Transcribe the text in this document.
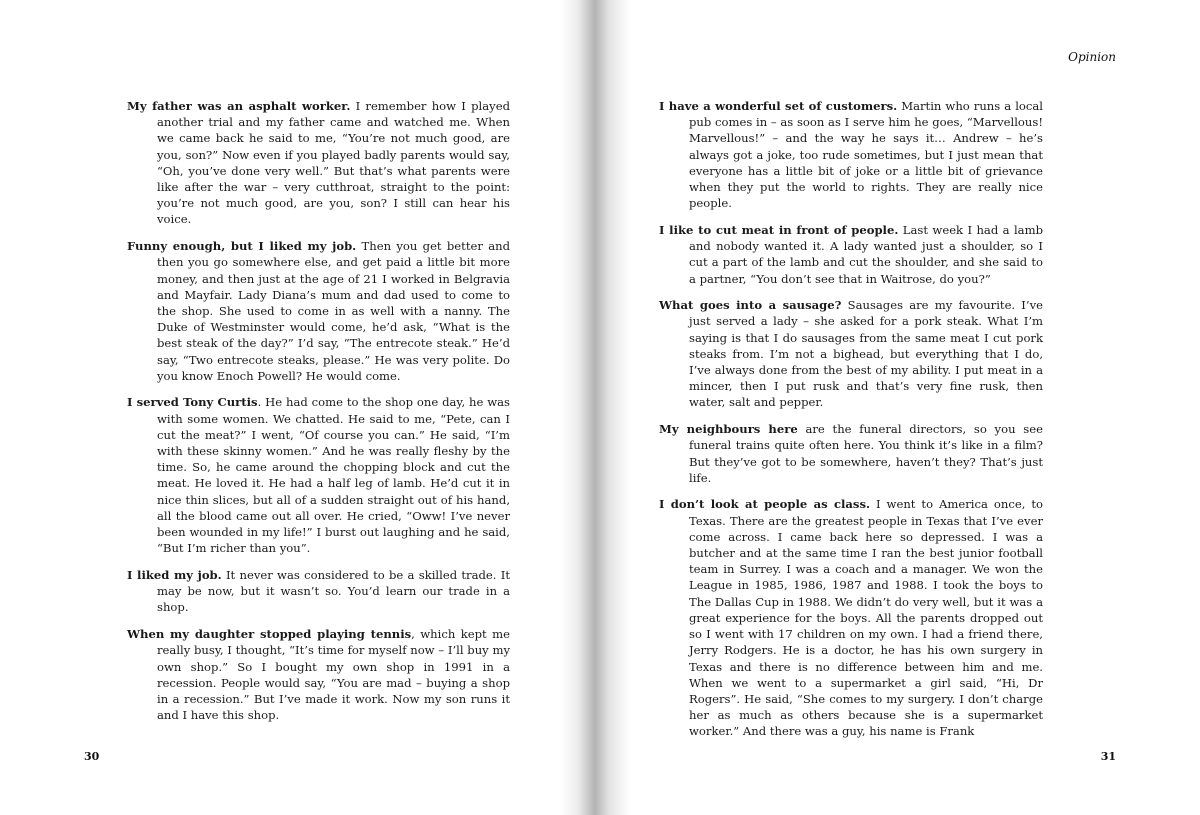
My father was an asphalt worker. I remember how I played another trial and my father came and watched me. When we came back he said to me, “You’re not much good, are you, son?” Now even if you played badly parents would say, “Oh, you’ve done very well.” But that’s what parents were like after the war – very cutthroat, straight to the point: you’re not much good, are you, son? I still can hear his voice.

Funny enough, but I liked my job. Then you get better and then you go somewhere else, and get paid a little bit more money, and then just at the age of 21 I worked in Belgravia and Mayfair. Lady Diana’s mum and dad used to come to the shop. She used to come in as well with a nanny. The Duke of Westminster would come, he’d ask, “What is the best steak of the day?” I’d say, “The entrecote steak.” He’d say, “Two entrecote steaks, please.” He was very polite. Do you know Enoch Powell? He would come.

I served Tony Curtis. He had come to the shop one day, he was with some women. We chatted. He said to me, “Pete, can I cut the meat?” I went, “Of course you can.” He said, “I’m with these skinny women.” And he was really fleshy by the time. So, he came around the chopping block and cut the meat. He loved it. He had a half leg of lamb. He’d cut it in nice thin slices, but all of a sudden straight out of his hand, all the blood came out all over. He cried, “Oww! I’ve never been wounded in my life!” I burst out laughing and he said, “But I’m richer than you”.

I liked my job. It never was considered to be a skilled trade. It may be now, but it wasn’t so. You’d learn our trade in a shop.

When my daughter stopped playing tennis, which kept me really busy, I thought, “It’s time for myself now – I’ll buy my own shop.” So I bought my own shop in 1991 in a recession. People would say, “You are mad – buying a shop in a recession.” But I’ve made it work. Now my son runs it and I have this shop.

30
Opinion

I have a wonderful set of customers. Martin who runs a local pub comes in – as soon as I serve him he goes, “Marvellous! Marvellous!” – and the way he says it… Andrew – he’s always got a joke, too rude sometimes, but I just mean that everyone has a little bit of joke or a little bit of grievance when they put the world to rights. They are really nice people.

I like to cut meat in front of people. Last week I had a lamb and nobody wanted it. A lady wanted just a shoulder, so I cut a part of the lamb and cut the shoulder, and she said to a partner, “You don’t see that in Waitrose, do you?”

What goes into a sausage? Sausages are my favourite. I’ve just served a lady – she asked for a pork steak. What I’m saying is that I do sausages from the same meat I cut pork steaks from. I’m not a bighead, but everything that I do, I’ve always done from the best of my ability. I put meat in a mincer, then I put rusk and that’s very fine rusk, then water, salt and pepper.

My neighbours here are the funeral directors, so you see funeral trains quite often here. You think it’s like in a film? But they’ve got to be somewhere, haven’t they? That’s just life.

I don’t look at people as class. I went to America once, to Texas. There are the greatest people in Texas that I’ve ever come across. I came back here so depressed. I was a butcher and at the same time I ran the best junior football team in Surrey. I was a coach and a manager. We won the League in 1985, 1986, 1987 and 1988. I took the boys to The Dallas Cup in 1988. We didn’t do very well, but it was a great experience for the boys. All the parents dropped out so I went with 17 children on my own. I had a friend there, Jerry Rodgers. He is a doctor, he has his own surgery in Texas and there is no difference between him and me. When we went to a supermarket a girl said, “Hi, Dr Rogers”. He said, “She comes to my surgery. I don’t charge her as much as others because she is a supermarket worker.” And there was a guy, his name is Frank

31
